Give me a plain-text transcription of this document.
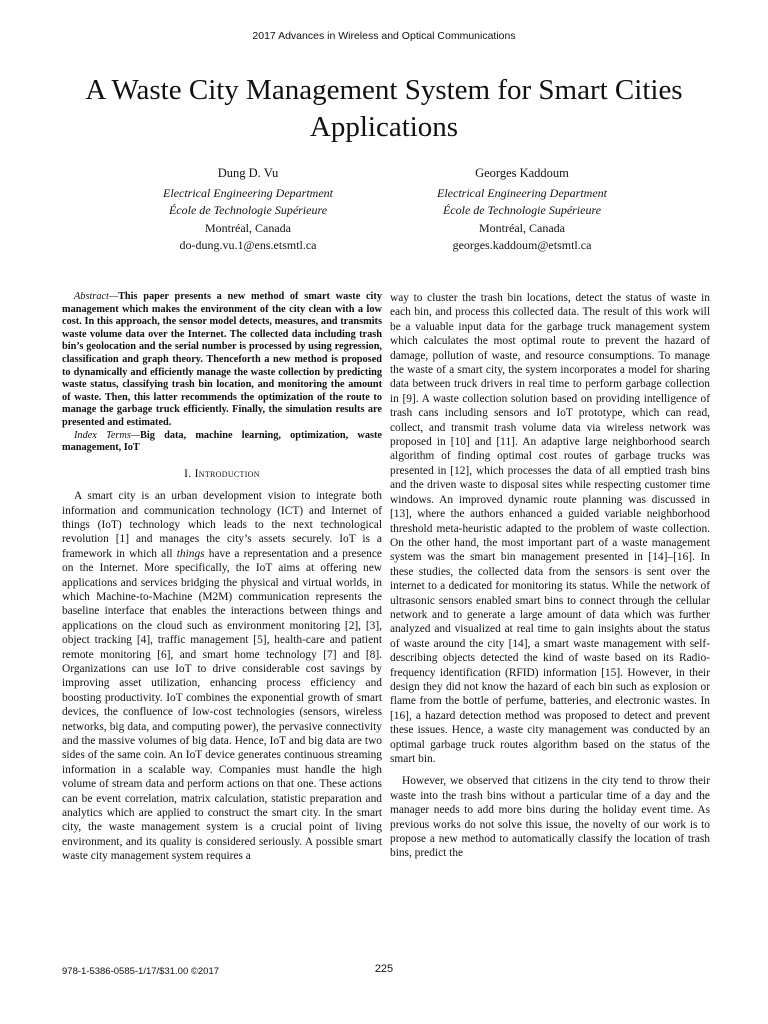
2017 Advances in Wireless and Optical Communications
A Waste City Management System for Smart Cities Applications
Dung D. Vu
Electrical Engineering Department
École de Technologie Supérieure
Montréal, Canada
do-dung.vu.1@ens.etsmtl.ca
Georges Kaddoum
Electrical Engineering Department
École de Technologie Supérieure
Montréal, Canada
georges.kaddoum@etsmtl.ca

Abstract—This paper presents a new method of smart waste city management which makes the environment of the city clean with a low cost. In this approach, the sensor model detects, measures, and transmits waste volume data over the Internet. The collected data including trash bin’s geolocation and the serial number is processed by using regression, classification and graph theory. Thenceforth a new method is proposed to dynamically and efficiently manage the waste collection by predicting waste status, classifying trash bin location, and monitoring the amount of waste. Then, this latter recommends the optimization of the route to manage the garbage truck efficiently. Finally, the simulation results are presented and estimated.

Index Terms—Big data, machine learning, optimization, waste management, IoT

I. Introduction

A smart city is an urban development vision to integrate both information and communication technology (ICT) and Internet of things (IoT) technology which leads to the next technological revolution [1] and manages the city’s assets securely. IoT is a framework in which all things have a representation and a presence on the Internet. More specifically, the IoT aims at offering new applications and services bridging the physical and virtual worlds, in which Machine-to-Machine (M2M) communication represents the baseline interface that enables the interactions between things and applications on the cloud such as environment monitoring [2], [3], object tracking [4], traffic management [5], health-care and patient remote monitoring [6], and smart home technology [7] and [8]. Organizations can use IoT to drive considerable cost savings by improving asset utilization, enhancing process efficiency and boosting productivity. IoT combines the exponential growth of smart devices, the confluence of low-cost technologies (sensors, wireless networks, big data, and computing power), the pervasive connectivity and the massive volumes of big data. Hence, IoT and big data are two sides of the same coin. An IoT device generates continuous streaming information in a scalable way. Companies must handle the high volume of stream data and perform actions on that one. These actions can be event correlation, matrix calculation, statistic preparation and analytics which are applied to construct the smart city. In the smart city, the waste management system is a crucial point of living environment, and its quality is considered seriously. A possible smart waste city management system requires a

way to cluster the trash bin locations, detect the status of waste in each bin, and process this collected data. The result of this work will be a valuable input data for the garbage truck management system which calculates the most optimal route to prevent the hazard of damage, pollution of waste, and resource consumptions. To manage the waste of a smart city, the system incorporates a model for sharing data between truck drivers in real time to perform garbage collection in [9]. A waste collection solution based on providing intelligence of trash cans including sensors and IoT prototype, which can read, collect, and transmit trash volume data via wireless network was proposed in [10] and [11]. An adaptive large neighborhood search algorithm of finding optimal cost routes of garbage trucks was presented in [12], which processes the data of all emptied trash bins and the driven waste to disposal sites while respecting customer time windows. An improved dynamic route planning was discussed in [13], where the authors enhanced a guided variable neighborhood threshold meta-heuristic adapted to the problem of waste collection. On the other hand, the most important part of a waste management system was the smart bin management presented in [14]–[16]. In these studies, the collected data from the sensors is sent over the internet to a dedicated for monitoring its status. While the network of ultrasonic sensors enabled smart bins to connect through the cellular network and to generate a large amount of data which was further analyzed and visualized at real time to gain insights about the status of waste around the city [14], a smart waste management with self-describing objects detected the kind of waste based on its Radio-frequency identification (RFID) information [15]. However, in their design they did not know the hazard of each bin such as explosion or flame from the bottle of perfume, batteries, and electronic wastes. In [16], a hazard detection method was proposed to detect and prevent these issues. Hence, a waste city management was conducted by an optimal garbage truck routes algorithm based on the status of the smart bin.

However, we observed that citizens in the city tend to throw their waste into the trash bins without a particular time of a day and the manager needs to add more bins during the holiday event time. As previous works do not solve this issue, the novelty of our work is to propose a new method to automatically classify the location of trash bins, predict the

978-1-5386-0585-1/17/$31.00 ©2017	225
